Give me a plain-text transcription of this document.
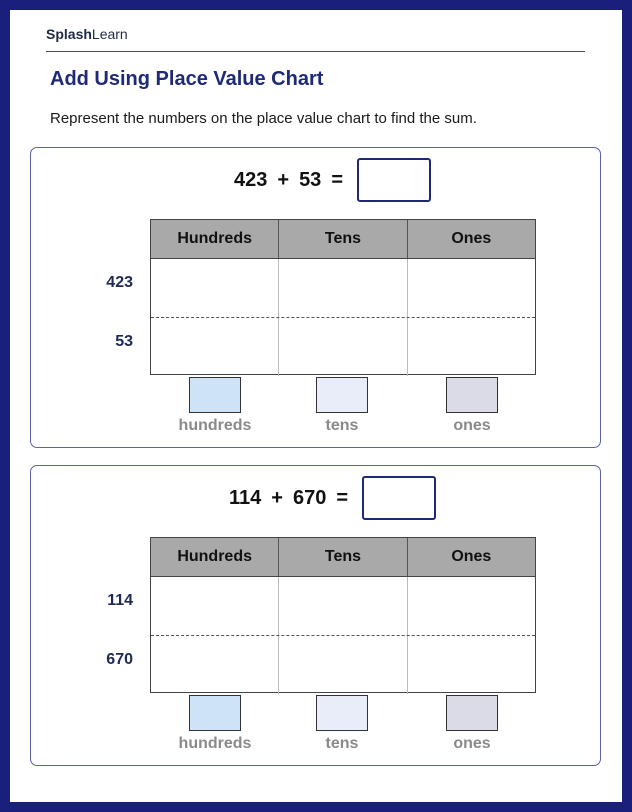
SplashLearn
Add Using Place Value Chart
Represent the numbers on the place value chart to find the sum.
423 + 53 =
Hundreds	Tens	Ones
423
53
hundreds	tens	ones
114 + 670 =
Hundreds	Tens	Ones
114
670
hundreds	tens	ones
